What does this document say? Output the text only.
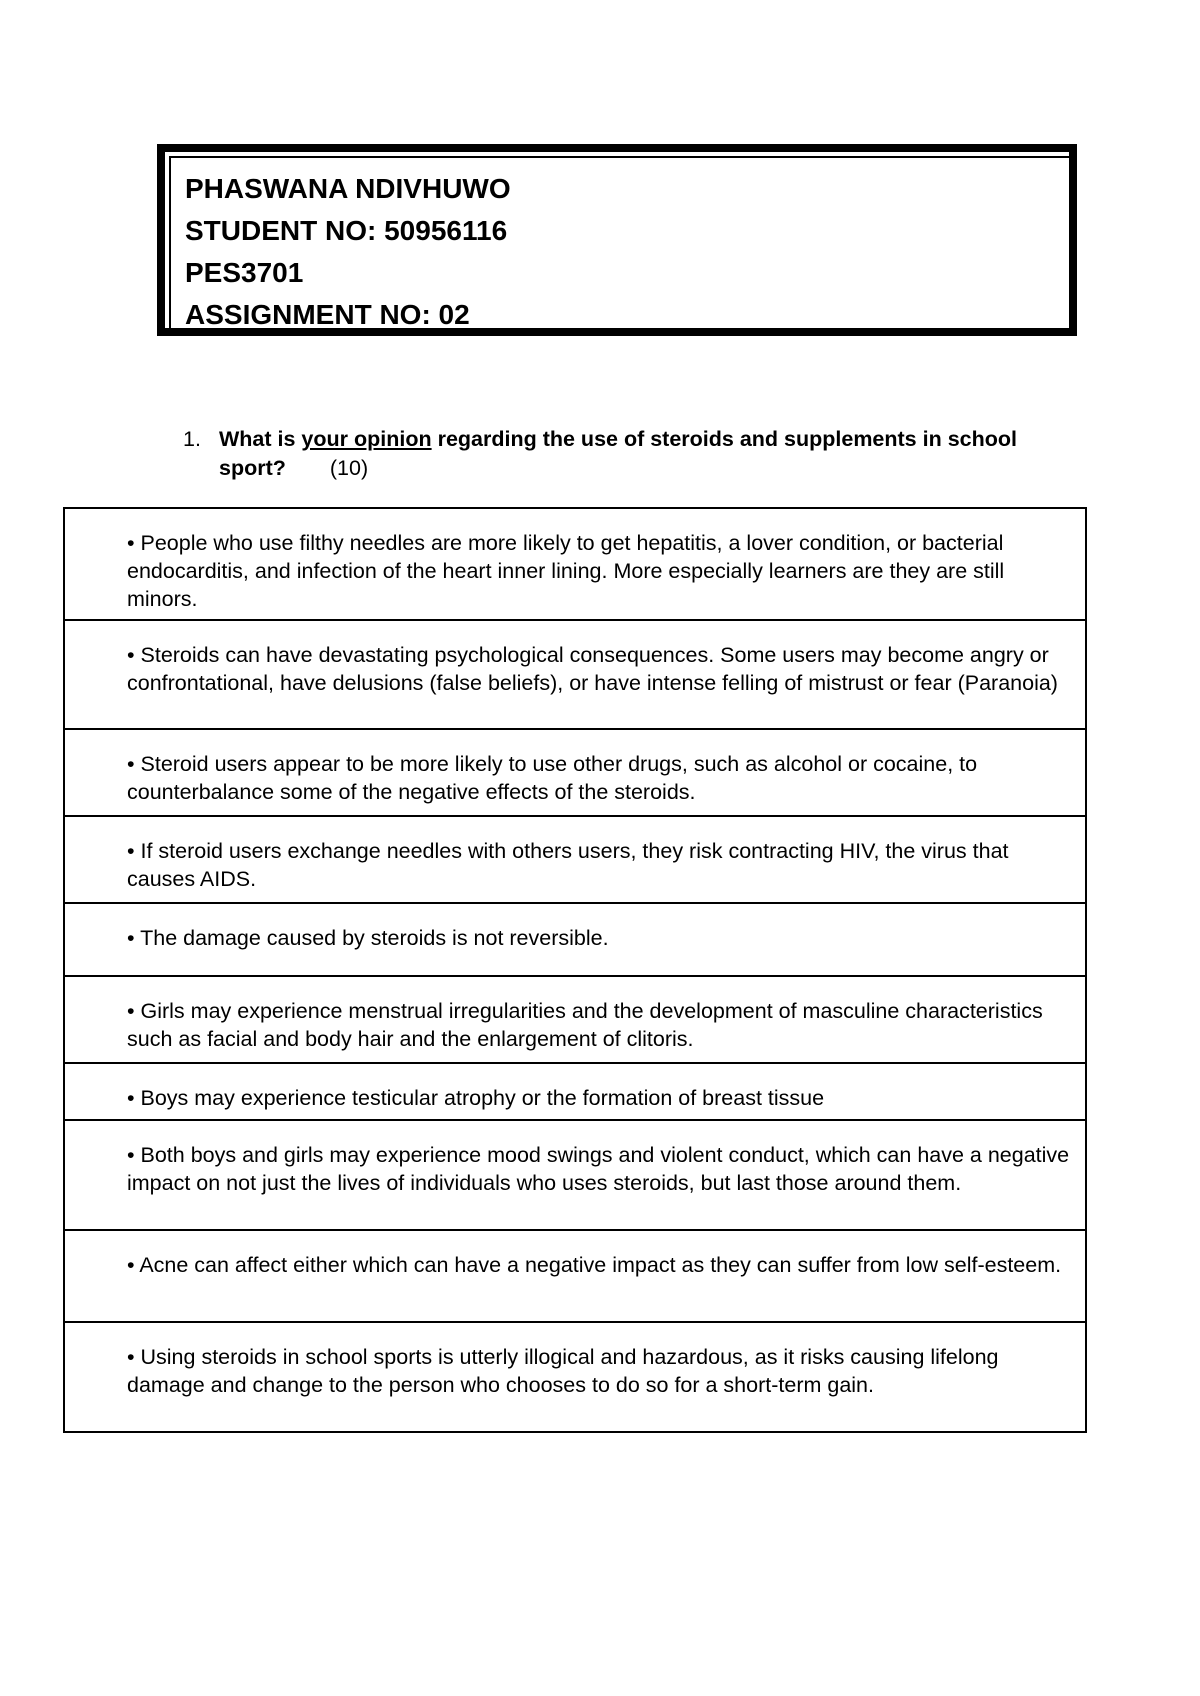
PHASWANA NDIVHUWO
STUDENT NO: 50956116
PES3701
ASSIGNMENT NO: 02
1. What is your opinion regarding the use of steroids and supplements in school sport? (10)
• People who use filthy needles are more likely to get hepatitis, a lover condition, or bacterial endocarditis, and infection of the heart inner lining. More especially learners are they are still minors.
• Steroids can have devastating psychological consequences. Some users may become angry or confrontational, have delusions (false beliefs), or have intense felling of mistrust or fear (Paranoia)
• Steroid users appear to be more likely to use other drugs, such as alcohol or cocaine, to counterbalance some of the negative effects of the steroids.
• If steroid users exchange needles with others users, they risk contracting HIV, the virus that causes AIDS.
• The damage caused by steroids is not reversible.
• Girls may experience menstrual irregularities and the development of masculine characteristics such as facial and body hair and the enlargement of clitoris.
• Boys may experience testicular atrophy or the formation of breast tissue
• Both boys and girls may experience mood swings and violent conduct, which can have a negative impact on not just the lives of individuals who uses steroids, but last those around them.
• Acne can affect either which can have a negative impact as they can suffer from low self-esteem.
• Using steroids in school sports is utterly illogical and hazardous, as it risks causing lifelong damage and change to the person who chooses to do so for a short-term gain.
